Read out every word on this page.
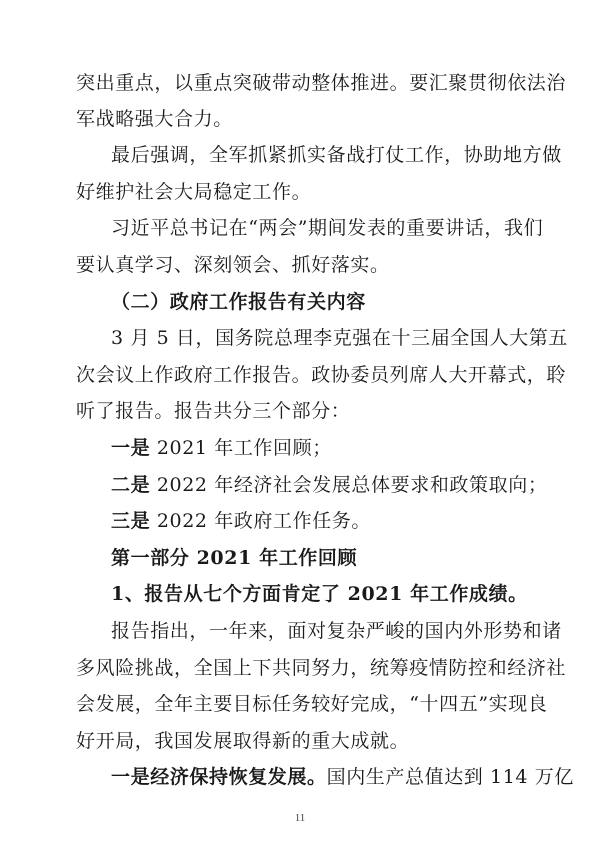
突出重点，以重点突破带动整体推进。要汇聚贯彻依法治
军战略强大合力。
最后强调，全军抓紧抓实备战打仗工作，协助地方做
好维护社会大局稳定工作。
习近平总书记在“两会”期间发表的重要讲话，我们
要认真学习、深刻领会、抓好落实。
（二）政府工作报告有关内容
3 月 5 日，国务院总理李克强在十三届全国人大第五
次会议上作政府工作报告。政协委员列席人大开幕式，聆
听了报告。报告共分三个部分：
一是 2021 年工作回顾；
二是 2022 年经济社会发展总体要求和政策取向；
三是 2022 年政府工作任务。
第一部分 2021 年工作回顾
1、报告从七个方面肯定了 2021 年工作成绩。
报告指出，一年来，面对复杂严峻的国内外形势和诸
多风险挑战，全国上下共同努力，统筹疫情防控和经济社
会发展，全年主要目标任务较好完成，“十四五”实现良
好开局，我国发展取得新的重大成就。
一是经济保持恢复发展。国内生产总值达到 114 万亿
11
